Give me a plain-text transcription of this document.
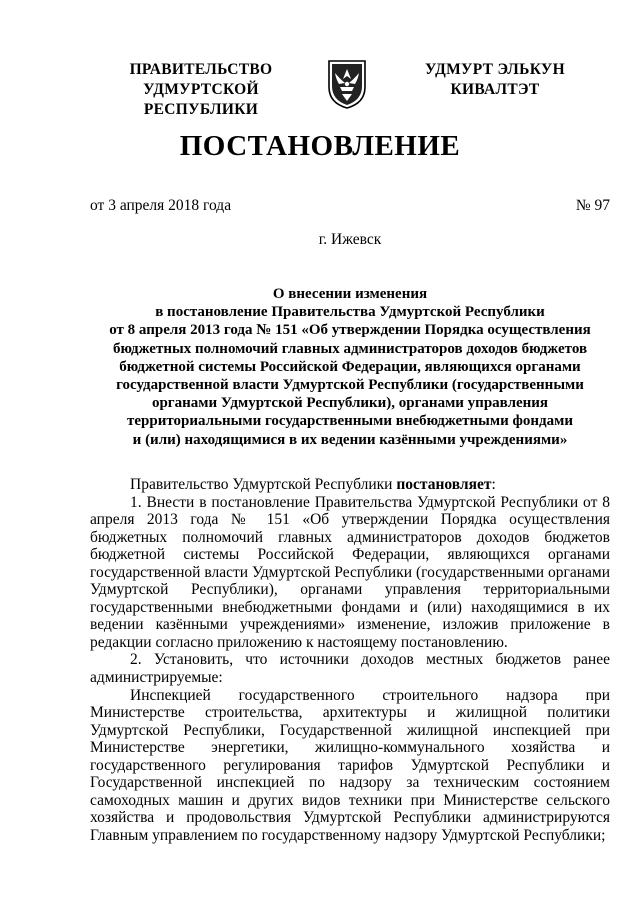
ПРАВИТЕЛЬСТВО
УДМУРТСКОЙ РЕСПУБЛИКИ
УДМУРТ ЭЛЬКУН
КИВАЛТЭТ
ПОСТАНОВЛЕНИЕ
от 3 апреля 2018 года	№ 97
г. Ижевск
О внесении изменения
в постановление Правительства Удмуртской Республики
от 8 апреля 2013 года № 151 «Об утверждении Порядка осуществления
бюджетных полномочий главных администраторов доходов бюджетов
бюджетной системы Российской Федерации, являющихся органами
государственной власти Удмуртской Республики (государственными
органами Удмуртской Республики), органами управления
территориальными государственными внебюджетными фондами
и (или) находящимися в их ведении казёнными учреждениями»

Правительство Удмуртской Республики постановляет:

1. Внести в постановление Правительства Удмуртской Республики от 8 апреля 2013 года № 151 «Об утверждении Порядка осуществления бюджетных полномочий главных администраторов доходов бюджетов бюджетной системы Российской Федерации, являющихся органами государственной власти Удмуртской Республики (государственными органами Удмуртской Республики), органами управления территориальными государственными внебюджетными фондами и (или) находящимися в их ведении казёнными учреждениями» изменение, изложив приложение в редакции согласно приложению к настоящему постановлению.

2. Установить, что источники доходов местных бюджетов ранее администрируемые:

Инспекцией государственного строительного надзора при Министерстве строительства, архитектуры и жилищной политики Удмуртской Республики, Государственной жилищной инспекцией при Министерстве энергетики, жилищно-коммунального хозяйства и государственного регулирования тарифов Удмуртской Республики и Государственной инспекцией по надзору за техническим состоянием самоходных машин и других видов техники при Министерстве сельского хозяйства и продовольствия Удмуртской Республики администрируются Главным управлением по государственному надзору Удмуртской Республики;
